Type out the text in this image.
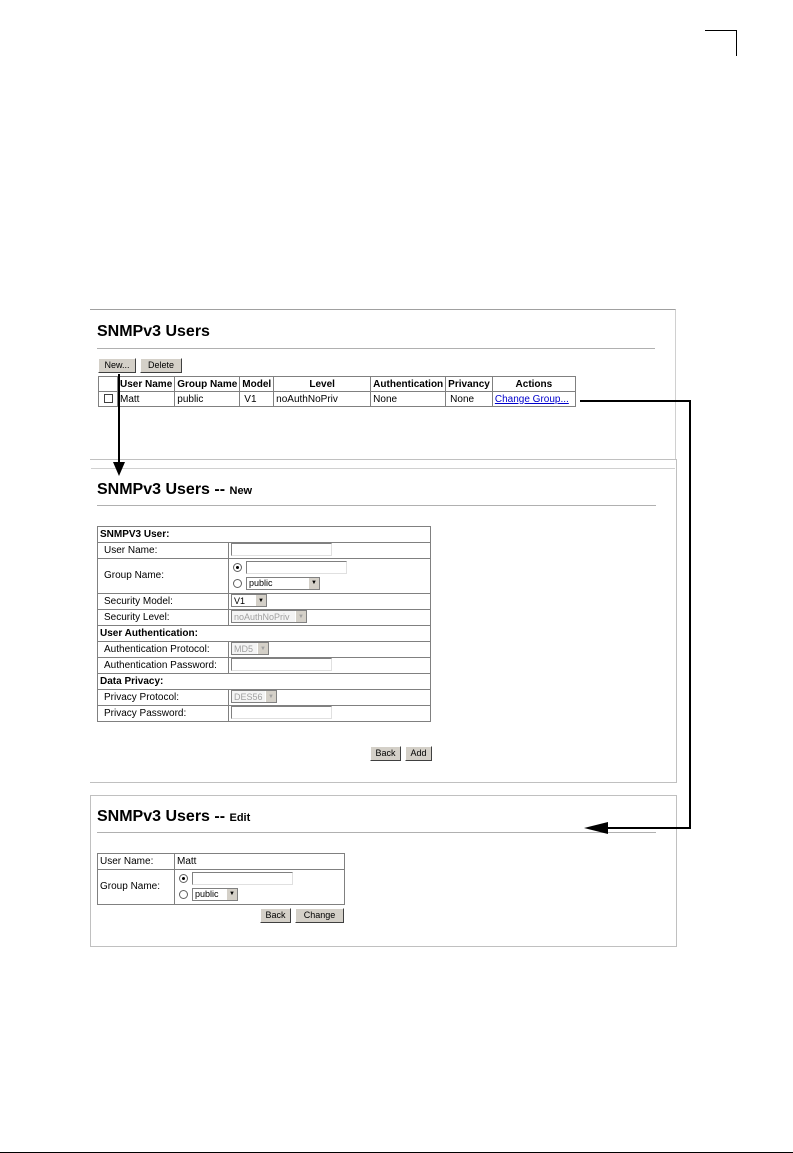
SNMPv3 Users
New...	Delete
	User Name	Group Name	Model	Level	Authentication	Privancy	Actions
	Matt	public	V1	noAuthNoPriv	None	None	Change Group...
SNMPv3 Users -- New
SNMPV3 User:	
User Name:	
Group Name:	public ▼

Security Model:	V1 ▼

Security Level:	noAuthNoPriv ▼

User Authentication:	
Authentication Protocol:	MD5 ▼

Authentication Password:	
Data Privacy:	
Privacy Protocol:	DES56 ▼

Privacy Password:	
Back	Add
SNMPv3 Users -- Edit
User Name:	Matt
Group Name:	public ▼
Back	Change
